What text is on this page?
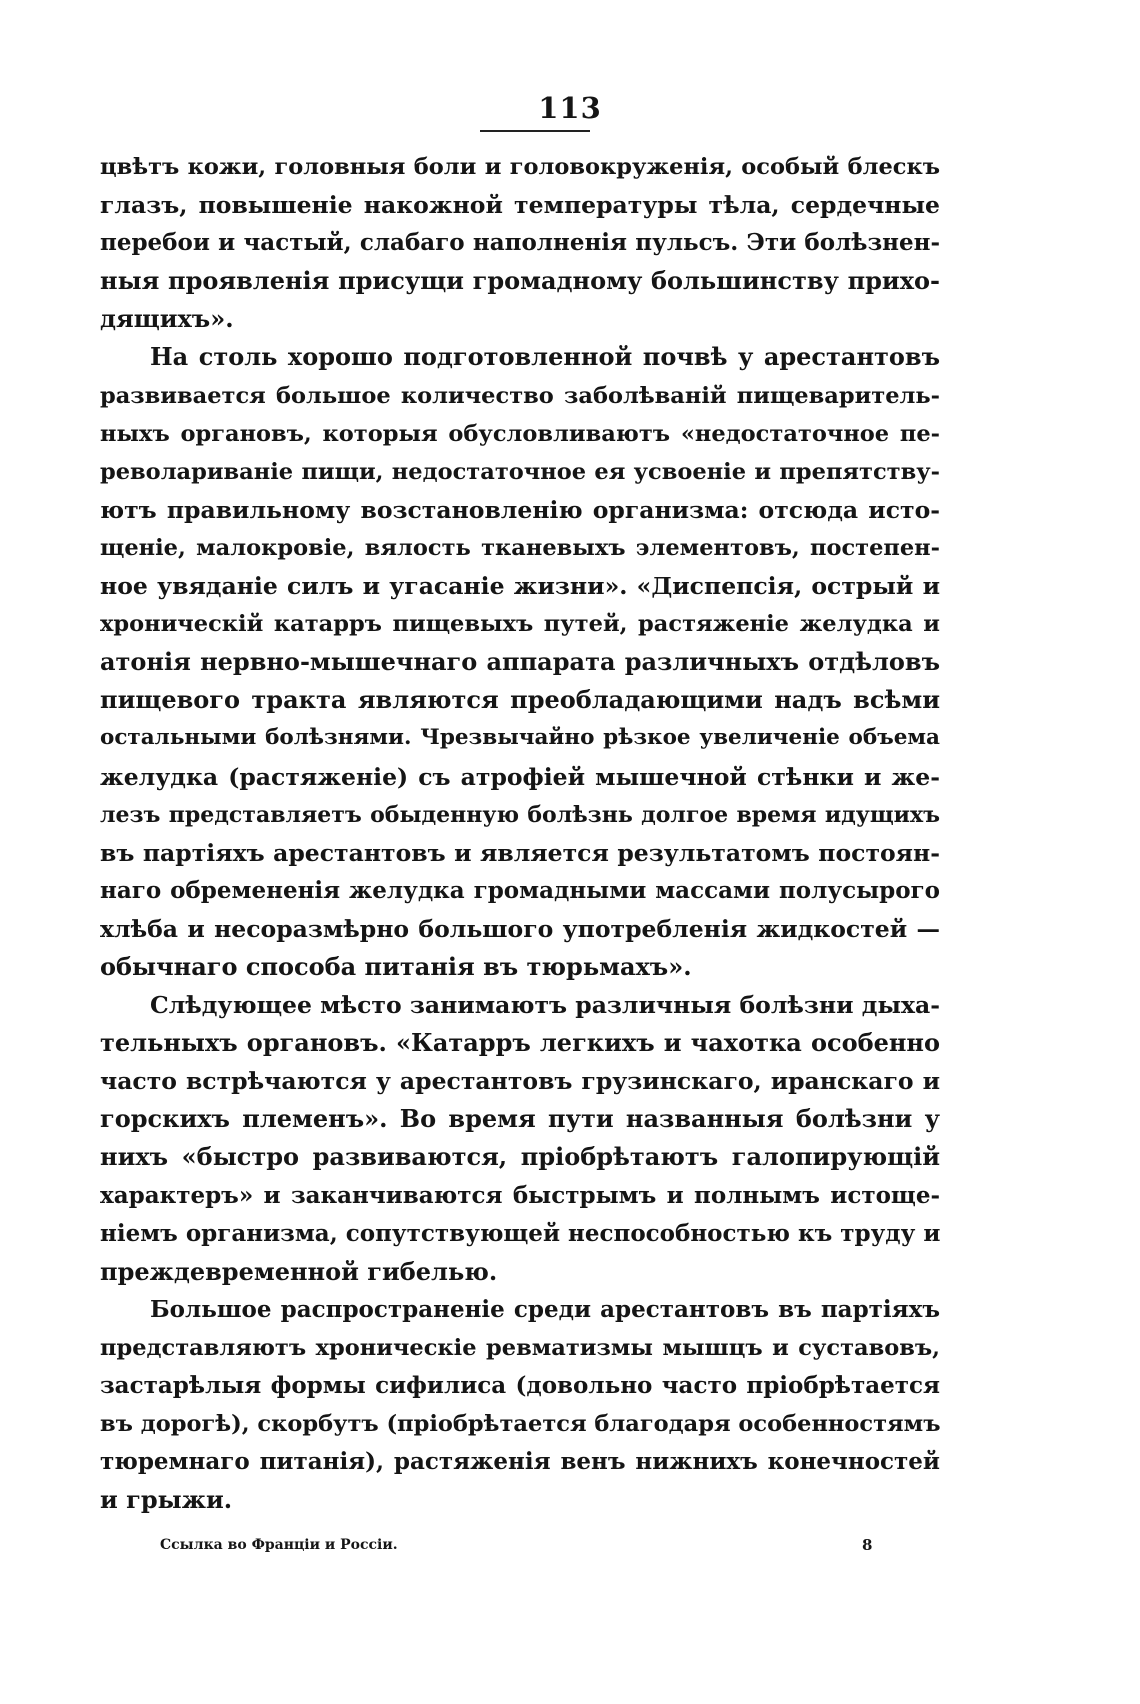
113
цвѣтъ кожи, головныя боли и головокруженія, особый блескъ
глазъ, повышеніе накожной температуры тѣла, сердечные
перебои и частый, слабаго наполненія пульсъ. Эти болѣзнен-
ныя проявленія присущи громадному большинству прихо-
дящихъ».
На столь хорошо подготовленной почвѣ у арестантовъ
развивается большое количество заболѣваній пищеваритель-
ныхъ органовъ, которыя обусловливаютъ «недостаточное пе-
револариваніе пищи, недостаточное ея усвоеніе и препятству-
ютъ правильному возстановленію организма: отсюда исто-
щеніе, малокровіе, вялость тканевыхъ элементовъ, постепен-
ное увяданіе силъ и угасаніе жизни». «Диспепсія, острый и
хроническій катарръ пищевыхъ путей, растяженіе желудка и
атонія нервно-мышечнаго аппарата различныхъ отдѣловъ
пищевого тракта являются преобладающими надъ всѣми
остальными болѣзнями. Чрезвычайно рѣзкое увеличеніе объема
желудка (растяженіе) съ атрофіей мышечной стѣнки и же-
лезъ представляетъ обыденную болѣзнь долгое время идущихъ
въ партіяхъ арестантовъ и является результатомъ постоян-
наго обремененія желудка громадными массами полусырого
хлѣба и несоразмѣрно большого употребленія жидкостей —
обычнаго способа питанія въ тюрьмахъ».
Слѣдующее мѣсто занимаютъ различныя болѣзни дыха-
тельныхъ органовъ. «Катарръ легкихъ и чахотка особенно
часто встрѣчаются у арестантовъ грузинскаго, иранскаго и
горскихъ племенъ». Во время пути названныя болѣзни у
нихъ «быстро развиваются, пріобрѣтаютъ галопирующій
характеръ» и заканчиваются быстрымъ и полнымъ истоще-
ніемъ организма, сопутствующей неспособностью къ труду и
преждевременной гибелью.
Большое распространеніе среди арестантовъ въ партіяхъ
представляютъ хроническіе ревматизмы мышцъ и суставовъ,
застарѣлыя формы сифилиса (довольно часто пріобрѣтается
въ дорогѣ), скорбутъ (пріобрѣтается благодаря особенностямъ
тюремнаго питанія), растяженія венъ нижнихъ конечностей
и грыжи.
Ссылка во Франціи и Россіи.	8
